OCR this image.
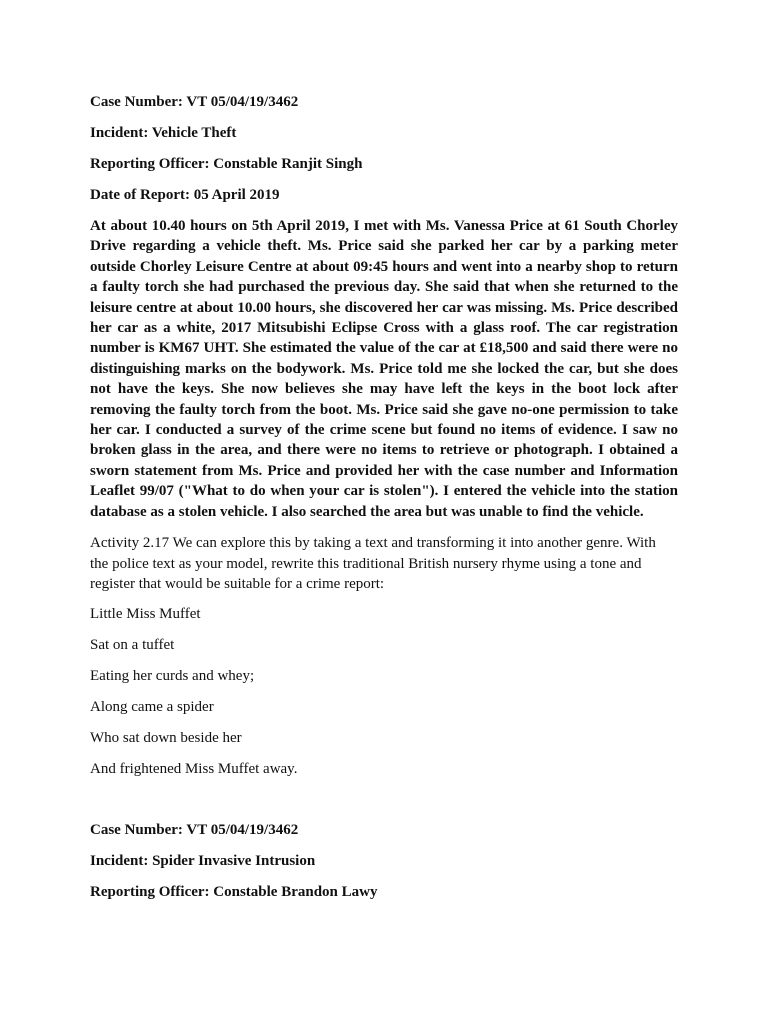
Case Number: VT 05/04/19/3462
Incident: Vehicle Theft
Reporting Officer: Constable Ranjit Singh
Date of Report: 05 April 2019
At about 10.40 hours on 5th April 2019, I met with Ms. Vanessa Price at 61 South Chorley Drive regarding a vehicle theft. Ms. Price said she parked her car by a parking meter outside Chorley Leisure Centre at about 09:45 hours and went into a nearby shop to return a faulty torch she had purchased the previous day. She said that when she returned to the leisure centre at about 10.00 hours, she discovered her car was missing. Ms. Price described her car as a white, 2017 Mitsubishi Eclipse Cross with a glass roof. The car registration number is KM67 UHT. She estimated the value of the car at £18,500 and said there were no distinguishing marks on the bodywork. Ms. Price told me she locked the car, but she does not have the keys. She now believes she may have left the keys in the boot lock after removing the faulty torch from the boot. Ms. Price said she gave no-one permission to take her car. I conducted a survey of the crime scene but found no items of evidence. I saw no broken glass in the area, and there were no items to retrieve or photograph. I obtained a sworn statement from Ms. Price and provided her with the case number and Information Leaflet 99/07 ("What to do when your car is stolen"). I entered the vehicle into the station database as a stolen vehicle. I also searched the area but was unable to find the vehicle.
Activity 2.17 We can explore this by taking a text and transforming it into another genre. With the police text as your model, rewrite this traditional British nursery rhyme using a tone and register that would be suitable for a crime report:
Little Miss Muffet
Sat on a tuffet
Eating her curds and whey;
Along came a spider
Who sat down beside her
And frightened Miss Muffet away.
Case Number: VT 05/04/19/3462
Incident: Spider Invasive Intrusion
Reporting Officer: Constable Brandon Lawy
